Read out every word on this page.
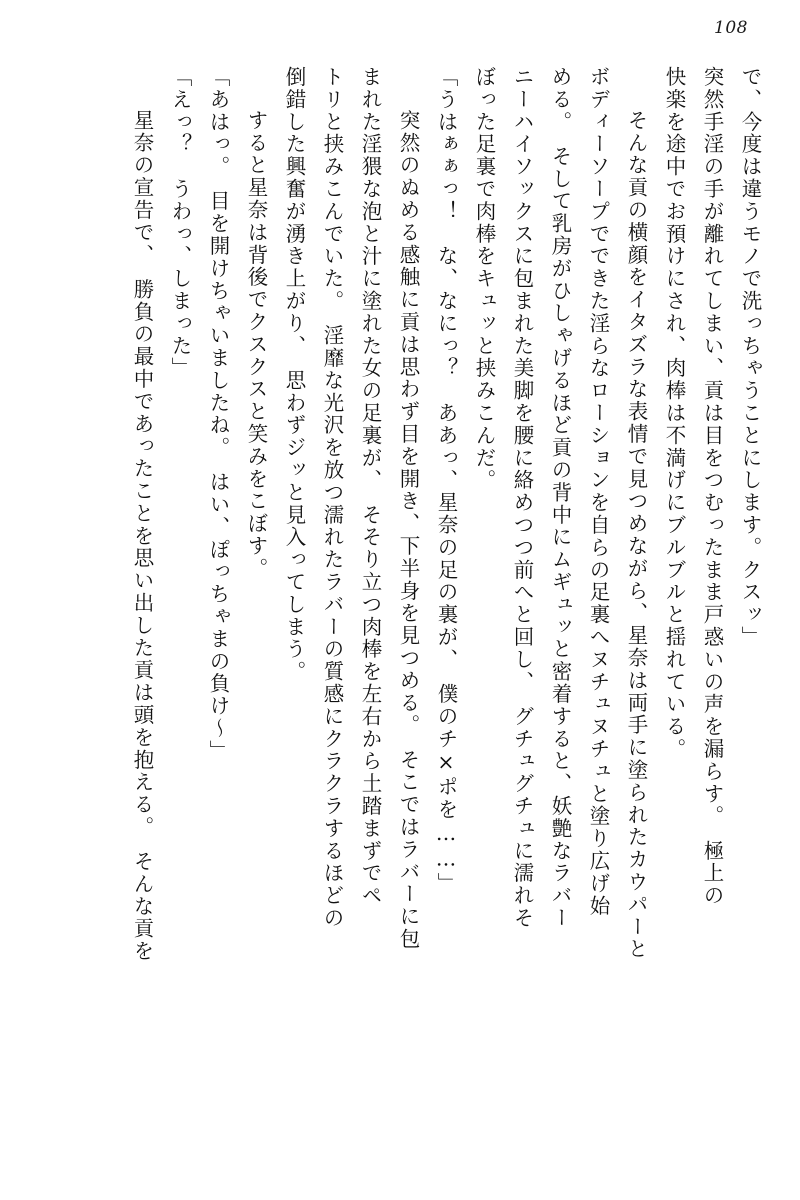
108
で、今度は違うモノで洗っちゃうことにします。クスッ」
突然手淫の手が離れてしまい、貢は目をつむったまま戸惑いの声を漏らす。　極上の
快楽を途中でお預けにされ、肉棒は不満げにブルブルと揺れている。
　そんな貢の横顔をイタズラな表情で見つめながら、星奈は両手に塗られたカウパーと
ボディーソープでできた淫らなローションを自らの足裏へヌチュヌチュと塗り広げ始
める。　そして乳房がひしゃげるほど貢の背中にムギュッと密着すると、妖艶なラバー
ニーハイソックスに包まれた美脚を腰に絡めつつ前へと回し、　グチュグチュに濡れそ
ぼった足裏で肉棒をキュッと挟みこんだ。
「うはぁぁっ！　な、なにっ？　ああっ、星奈の足の裏が、　僕のチ×ポを……」
　突然のぬめる感触に貢は思わず目を開き、下半身を見つめる。　そこではラバーに包
まれた淫猥な泡と汁に塗れた女の足裏が、　そそり立つ肉棒を左右から土踏まずでペ
トリと挟みこんでいた。　淫靡な光沢を放つ濡れたラバーの質感にクラクラするほどの
倒錯した興奮が湧き上がり、　思わずジッと見入ってしまう。
　すると星奈は背後でクスクスと笑みをこぼす。
「あはっ。　目を開けちゃいましたね。　はい、ぽっちゃまの負け～」
「えっ？　うわっ、しまった」
　星奈の宣告で、　勝負の最中であったことを思い出した貢は頭を抱える。　そんな貢を
